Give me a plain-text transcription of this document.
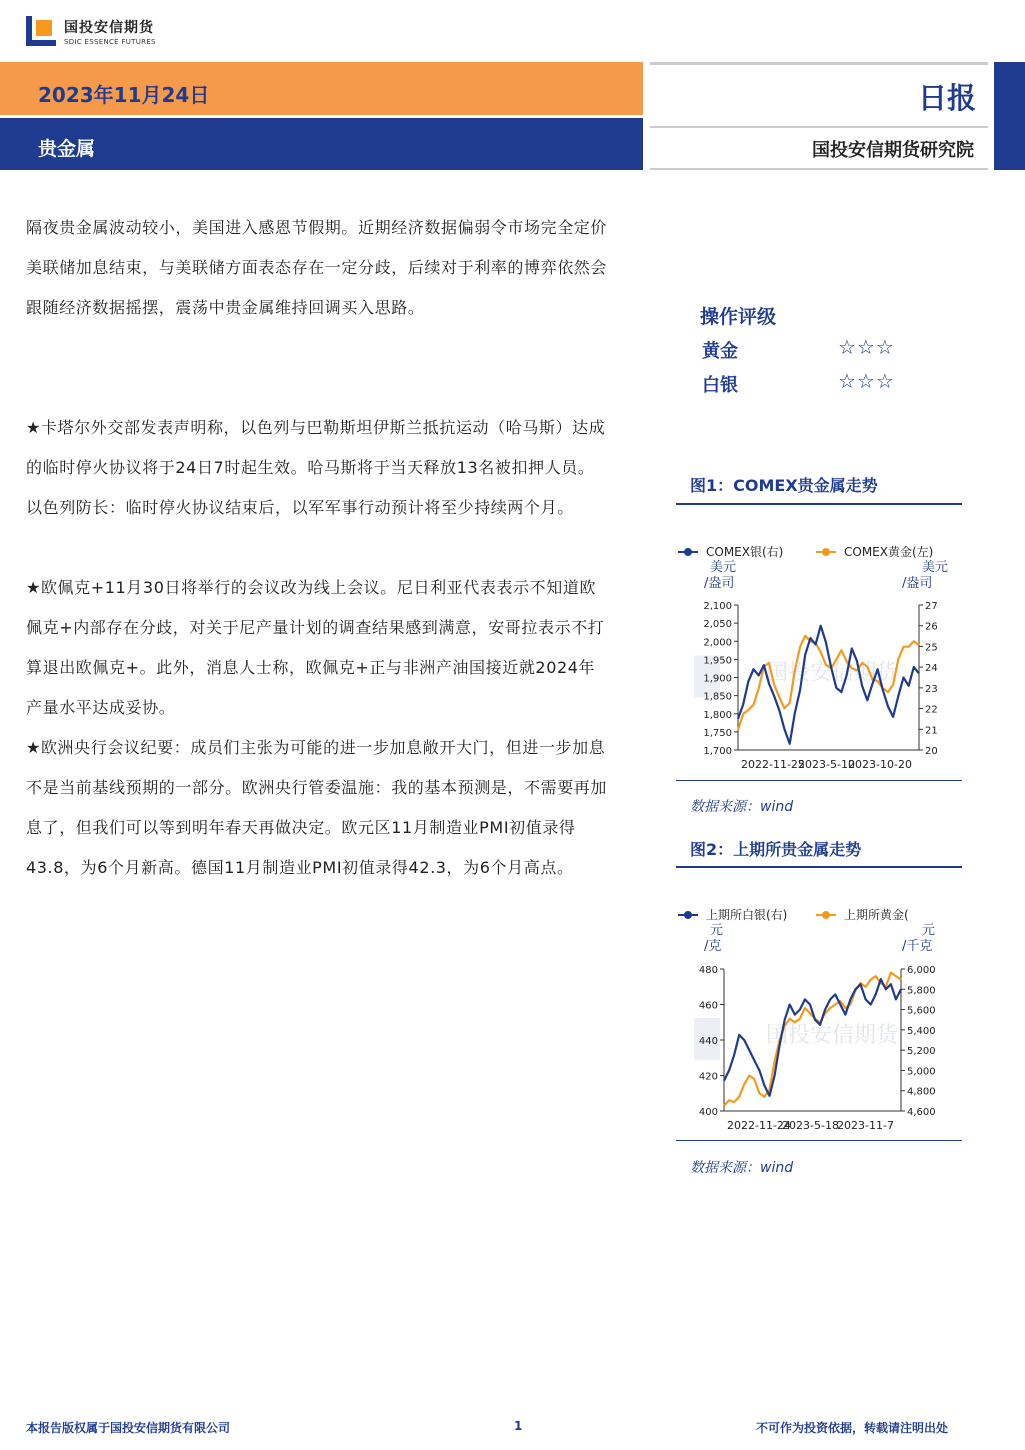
国投安信期货
SDIC ESSENCE FUTURES
2023年11月24日
贵金属
日报
国投安信期货研究院
隔夜贵金属波动较小，美国进入感恩节假期。近期经济数据偏弱令市场完全定价美联储加息结束，与美联储方面表态存在一定分歧，后续对于利率的博弈依然会跟随经济数据摇摆，震荡中贵金属维持回调买入思路。
★卡塔尔外交部发表声明称，以色列与巴勒斯坦伊斯兰抵抗运动（哈马斯）达成的临时停火协议将于24日7时起生效。哈马斯将于当天释放13名被扣押人员。以色列防长：临时停火协议结束后，以军军事行动预计将至少持续两个月。
★欧佩克+11月30日将举行的会议改为线上会议。尼日利亚代表表示不知道欧佩克+内部存在分歧，对关于尼产量计划的调查结果感到满意，安哥拉表示不打算退出欧佩克+。此外，消息人士称，欧佩克+正与非洲产油国接近就2024年产量水平达成妥协。
★欧洲央行会议纪要：成员们主张为可能的进一步加息敞开大门，但进一步加息不是当前基线预期的一部分。欧洲央行管委温施：我的基本预测是，不需要再加息了，但我们可以等到明年春天再做决定。欧元区11月制造业PMI初值录得43.8，为6个月新高。德国11月制造业PMI初值录得42.3，为6个月高点。
操作评级
黄金	☆☆☆
白银	☆☆☆
图1：COMEX贵金属走势
国投安信期货
COMEX银(右)	COMEX黄金(左)
美元
/盎司
美元
/盎司
1,700
1,750
1,800
1,850
1,900
1,950
2,000
2,050
2,100
20
21
22
23
24
25
26
27
2022-11-25
2023-5-10
2023-10-20
数据来源：wind
图2：上期所贵金属走势
国投安信期货
上期所白银(右)	上期所黄金(
元
/克
元
/千克
400
420
440
460
480
4,600
4,800
5,000
5,200
5,400
5,600
5,800
6,000
2022-11-24
2023-5-18
2023-11-7
数据来源：wind
本报告版权属于国投安信期货有限公司	1	不可作为投资依据，转载请注明出处
